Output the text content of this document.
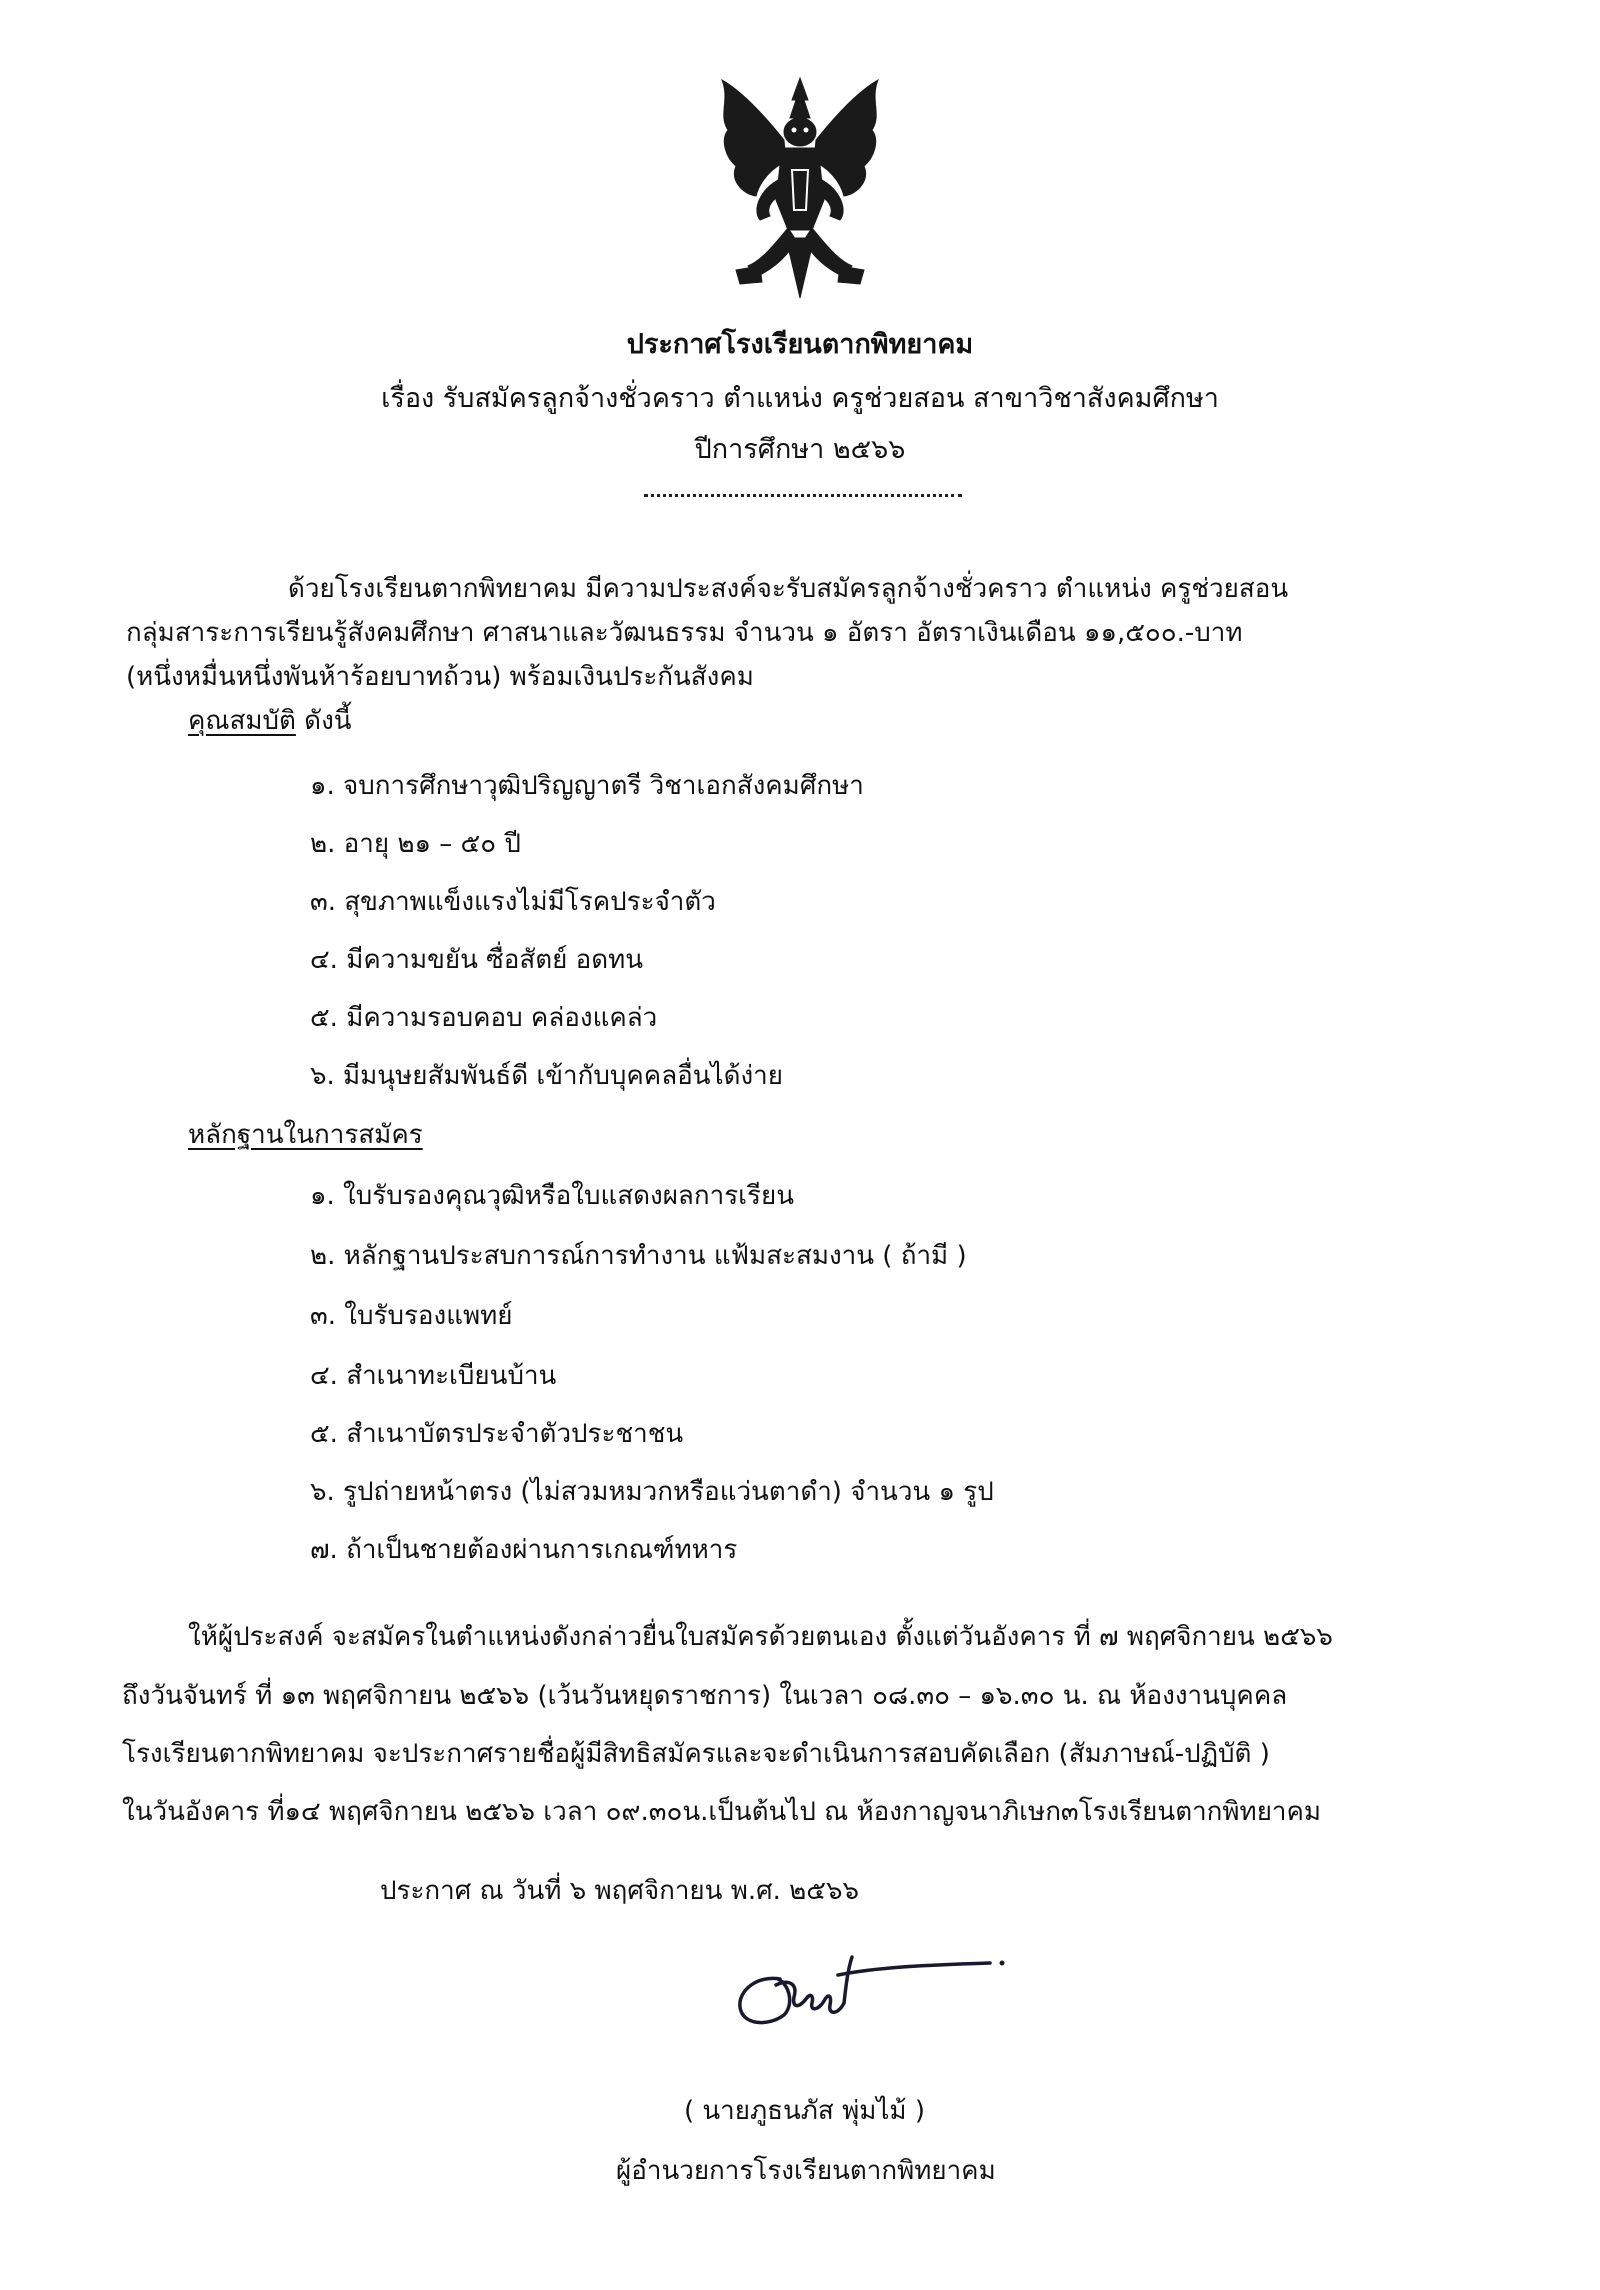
ประกาศโรงเรียนตากพิทยาคม
เรื่อง รับสมัครลูกจ้างชั่วคราว ตำแหน่ง ครูช่วยสอน สาขาวิชาสังคมศึกษา
ปีการศึกษา ๒๕๖๖
ด้วยโรงเรียนตากพิทยาคม มีความประสงค์จะรับสมัครลูกจ้างชั่วคราว ตำแหน่ง ครูช่วยสอน
กลุ่มสาระการเรียนรู้สังคมศึกษา ศาสนาและวัฒนธรรม จำนวน ๑ อัตรา อัตราเงินเดือน ๑๑,๕๐๐.-บาท
(หนึ่งหมื่นหนึ่งพันห้าร้อยบาทถ้วน) พร้อมเงินประกันสังคม
คุณสมบัติ ดังนี้
๑. จบการศึกษาวุฒิปริญญาตรี วิชาเอกสังคมศึกษา
๒. อายุ ๒๑ – ๕๐ ปี
๓. สุขภาพแข็งแรงไม่มีโรคประจำตัว
๔. มีความขยัน ซื่อสัตย์ อดทน
๕. มีความรอบคอบ คล่องแคล่ว
๖. มีมนุษยสัมพันธ์ดี เข้ากับบุคคลอื่นได้ง่าย
หลักฐานในการสมัคร
๑. ใบรับรองคุณวุฒิหรือใบแสดงผลการเรียน
๒. หลักฐานประสบการณ์การทำงาน แฟ้มสะสมงาน ( ถ้ามี )
๓. ใบรับรองแพทย์
๔. สำเนาทะเบียนบ้าน
๕. สำเนาบัตรประจำตัวประชาชน
๖. รูปถ่ายหน้าตรง (ไม่สวมหมวกหรือแว่นตาดำ) จำนวน ๑ รูป
๗. ถ้าเป็นชายต้องผ่านการเกณฑ์ทหาร
ให้ผู้ประสงค์ จะสมัครในตำแหน่งดังกล่าวยื่นใบสมัครด้วยตนเอง ตั้งแต่วันอังคาร ที่ ๗ พฤศจิกายน ๒๕๖๖
ถึงวันจันทร์ ที่ ๑๓ พฤศจิกายน ๒๕๖๖ (เว้นวันหยุดราชการ) ในเวลา ๐๘.๓๐ – ๑๖.๓๐ น. ณ ห้องงานบุคคล
โรงเรียนตากพิทยาคม จะประกาศรายชื่อผู้มีสิทธิสมัครและจะดำเนินการสอบคัดเลือก (สัมภาษณ์-ปฏิบัติ )
ในวันอังคาร ที่๑๔ พฤศจิกายน ๒๕๖๖ เวลา ๐๙.๓๐น.เป็นต้นไป ณ ห้องกาญจนาภิเษก๓โรงเรียนตากพิทยาคม
ประกาศ ณ วันที่ ๖ พฤศจิกายน พ.ศ. ๒๕๖๖
( นายภูธนภัส พุ่มไม้ )
ผู้อำนวยการโรงเรียนตากพิทยาคม
